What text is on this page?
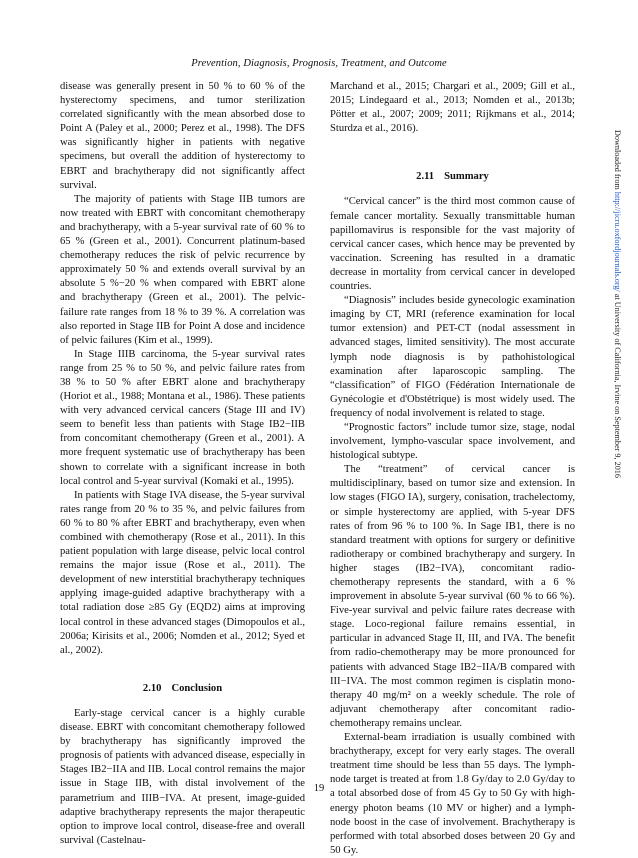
Prevention, Diagnosis, Prognosis, Treatment, and Outcome

disease was generally present in 50 % to 60 % of the hysterectomy specimens, and tumor sterilization correlated significantly with the mean absorbed dose to Point A (Paley et al., 2000; Perez et al., 1998). The DFS was significantly higher in patients with negative specimens, but overall the addition of hysterectomy to EBRT and brachytherapy did not significantly affect survival.

The majority of patients with Stage IIB tumors are now treated with EBRT with concomitant chemotherapy and brachytherapy, with a 5-year survival rate of 60 % to 65 % (Green et al., 2001). Concurrent platinum-based chemotherapy reduces the risk of pelvic recurrence by approximately 50 % and extends overall survival by an absolute 5 %−20 % when compared with EBRT alone and brachytherapy (Green et al., 2001). The pelvic-failure rate ranges from 18 % to 39 %. A correlation was also reported in Stage IIB for Point A dose and incidence of pelvic failures (Kim et al., 1999).

In Stage IIIB carcinoma, the 5-year survival rates range from 25 % to 50 %, and pelvic failure rates from 38 % to 50 % after EBRT alone and brachytherapy (Horiot et al., 1988; Montana et al., 1986). These patients with very advanced cervical cancers (Stage III and IV) seem to benefit less than patients with Stage IB2−IIB from concomitant chemotherapy (Green et al., 2001). A more frequent systematic use of brachytherapy has been shown to correlate with a significant increase in both local control and 5-year survival (Komaki et al., 1995).

In patients with Stage IVA disease, the 5-year survival rates range from 20 % to 35 %, and pelvic failures from 60 % to 80 % after EBRT and brachytherapy, even when combined with chemotherapy (Rose et al., 2011). In this patient population with large disease, pelvic local control remains the major issue (Rose et al., 2011). The development of new interstitial brachytherapy techniques applying image-guided adaptive brachytherapy with a total radiation dose ≥85 Gy (EQD2) aims at improving local control in these advanced stages (Dimopoulos et al., 2006a; Kirisits et al., 2006; Nomden et al., 2012; Syed et al., 2002).

2.10 Conclusion

Early-stage cervical cancer is a highly curable disease. EBRT with concomitant chemotherapy followed by brachytherapy has significantly improved the prognosis of patients with advanced disease, especially in Stages IB2−IIA and IIB. Local control remains the major issue in Stage IIB, with distal involvement of the parametrium and IIIB−IVA. At present, image-guided adaptive brachytherapy represents the major therapeutic option to improve local control, disease-free and overall survival (Castelnau-

Marchand et al., 2015; Chargari et al., 2009; Gill et al., 2015; Lindegaard et al., 2013; Nomden et al., 2013b; Pötter et al., 2007; 2009; 2011; Rijkmans et al., 2014; Sturdza et al., 2016).

2.11 Summary

“Cervical cancer” is the third most common cause of female cancer mortality. Sexually transmittable human papillomavirus is responsible for the vast majority of cervical cancer cases, which hence may be prevented by vaccination. Screening has resulted in a dramatic decrease in mortality from cervical cancer in developed countries.

“Diagnosis” includes beside gynecologic examination imaging by CT, MRI (reference examination for local tumor extension) and PET-CT (nodal assessment in advanced stages, limited sensitivity). The most accurate lymph node diagnosis is by pathohistological examination after laparoscopic sampling. The “classification” of FIGO (Fédération Internationale de Gynécologie et d'Obstétrique) is most widely used. The frequency of nodal involvement is related to stage.

“Prognostic factors” include tumor size, stage, nodal involvement, lympho-vascular space involvement, and histological subtype.

The “treatment” of cervical cancer is multidisciplinary, based on tumor size and extension. In low stages (FIGO IA), surgery, conisation, trachelectomy, or simple hysterectomy are applied, with 5-year DFS rates of from 96 % to 100 %. In Sage IB1, there is no standard treatment with options for surgery or definitive radiotherapy or combined brachytherapy and surgery. In higher stages (IB2−IVA), concomitant radio-chemotherapy represents the standard, with a 6 % improvement in absolute 5-year survival (60 % to 66 %). Five-year survival and pelvic failure rates decrease with stage. Loco-regional failure remains essential, in particular in advanced Stage II, III, and IVA. The benefit from radio-chemotherapy may be more pronounced for patients with advanced Stage IB2−IIA/B compared with III−IVA. The most common regimen is cisplatin mono-therapy 40 mg/m² on a weekly schedule. The role of adjuvant chemotherapy after concomitant radio-chemotherapy remains unclear.

External-beam irradiation is usually combined with brachytherapy, except for very early stages. The overall treatment time should be less than 55 days. The lymph-node target is treated at from 1.8 Gy/day to 2.0 Gy/day to a total absorbed dose of from 45 Gy to 50 Gy with high-energy photon beams (10 MV or higher) and a lymph-node boost in the case of involvement. Brachytherapy is performed with total absorbed doses between 20 Gy and 50 Gy.

Downloaded from http://jicru.oxfordjournals.org/ at University of California, Irvine on September 9, 2016
19
